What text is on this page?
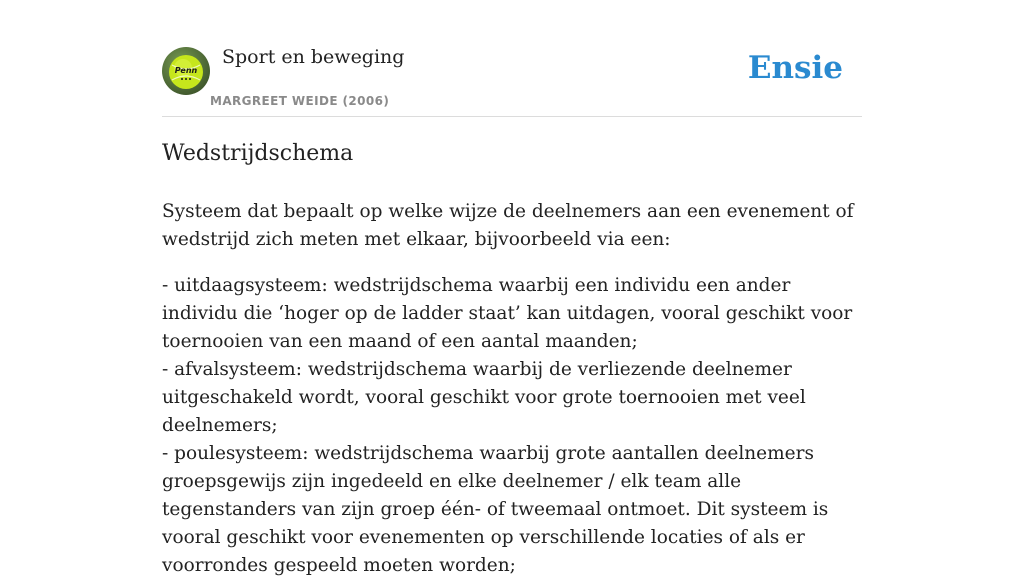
Penn
Sport en beweging
MARGREET WEIDE (2006)
Ensie
Wedstrijdschema

Systeem dat bepaalt op welke wijze de deelnemers aan een evenement of wedstrijd zich meten met elkaar, bijvoorbeeld via een:

- uitdaagsysteem: wedstrijdschema waarbij een individu een ander individu die ‘hoger op de ladder staat’ kan uitdagen, vooral geschikt voor toernooien van een maand of een aantal maanden;
- afvalsysteem: wedstrijdschema waarbij de verliezende deelnemer uitgeschakeld wordt, vooral geschikt voor grote toernooien met veel deelnemers;
- poulesysteem: wedstrijdschema waarbij grote aantallen deelnemers groepsgewijs zijn ingedeeld en elke deelnemer / elk team alle tegenstanders van zijn groep één- of tweemaal ontmoet. Dit systeem is vooral geschikt voor evenementen op verschillende locaties of als er voorrondes gespeeld moeten worden;
